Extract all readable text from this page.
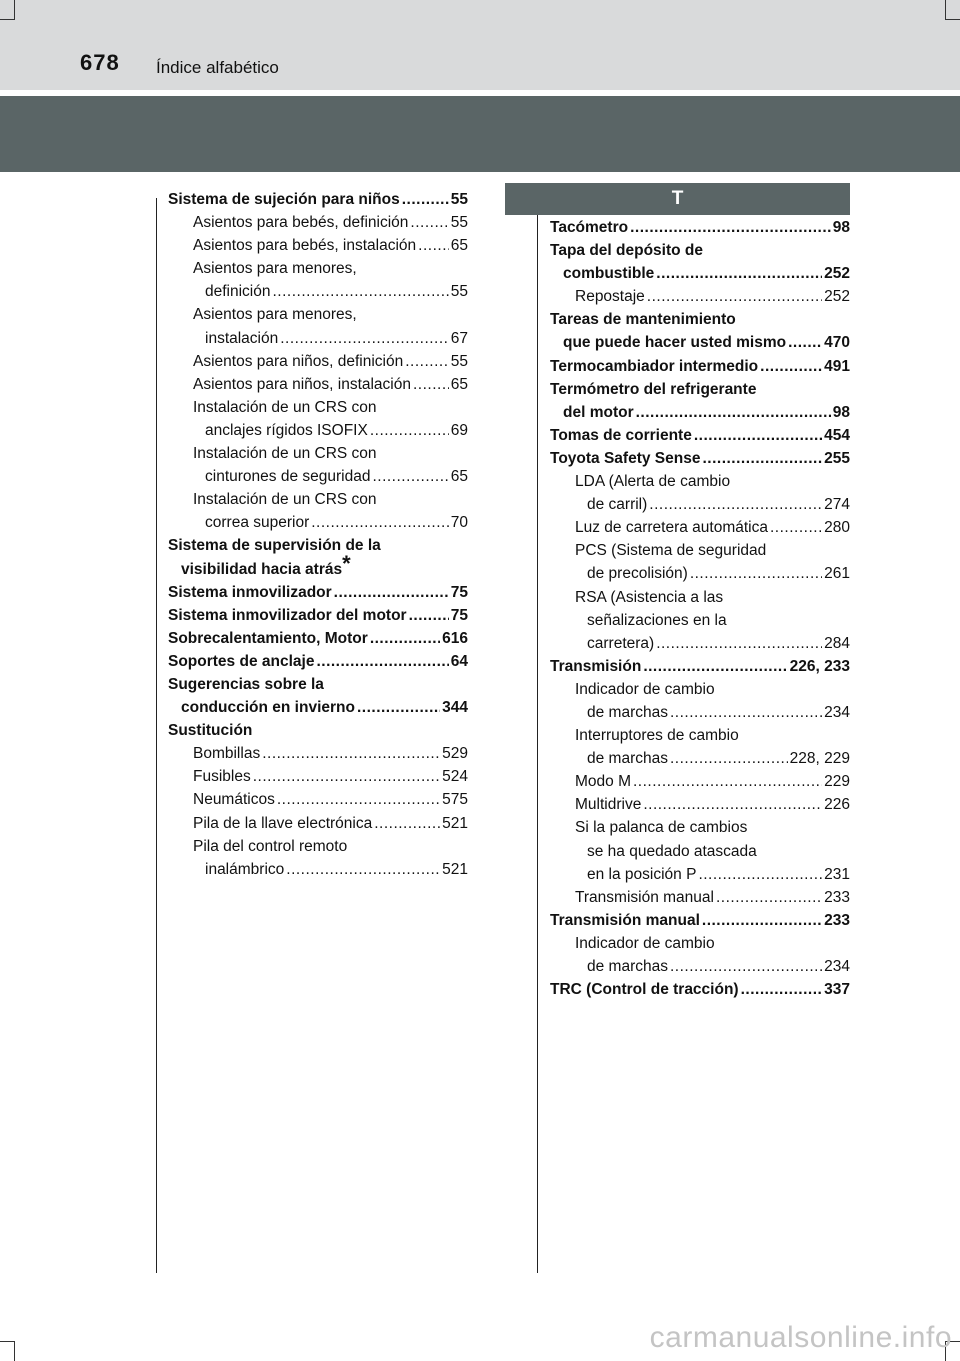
678 Índice alfabético
Sistema de sujeción para niños .....	55
Asientos para bebés, definición .....	55
Asientos para bebés, instalación ..... 65
Asientos para menores,
definición .....	55
Asientos para menores,
instalación .....	67
Asientos para niños, definición .....	55
Asientos para niños, instalación .....	65
Instalación de un CRS con
anclajes rígidos ISOFIX .....	69
Instalación de un CRS con
cinturones de seguridad .....	65
Instalación de un CRS con
correa superior .....	70
Sistema de supervisión de la
visibilidad hacia atrás *
Sistema inmovilizador .....	75
Sistema inmovilizador del motor .....	75
Sobrecalentamiento, Motor .....	616
Soportes de anclaje .....	64
Sugerencias sobre la
conducción en invierno .....	344
Sustitución
Bombillas .....	529
Fusibles .....	524
Neumáticos .....	575
Pila de la llave electrónica .....	521
Pila del control remoto
inalámbrico .....	521
T
Tacómetro .....	98
Tapa del depósito de
combustible .....	252
Repostaje .....	252
Tareas de mantenimiento
que puede hacer usted mismo ..... 470
Termocambiador intermedio .....	491
Termómetro del refrigerante
del motor .....	98
Tomas de corriente .....	454
Toyota Safety Sense .....	255
LDA (Alerta de cambio
de carril) .....	274
Luz de carretera automática .....	280
PCS (Sistema de seguridad
de precolisión) .....	261
RSA (Asistencia a las
señalizaciones en la
carretera) .....	284
Transmisión .....	226, 233
Indicador de cambio
de marchas .....	234
Interruptores de cambio
de marchas .....	228, 229
Modo M .....	229
Multidrive .....	226
Si la palanca de cambios
se ha quedado atascada
en la posición P .....	231
Transmisión manual .....	233
Transmisión manual .....	233
Indicador de cambio
de marchas .....	234
TRC (Control de tracción) .....	337
carmanualsonline.info
